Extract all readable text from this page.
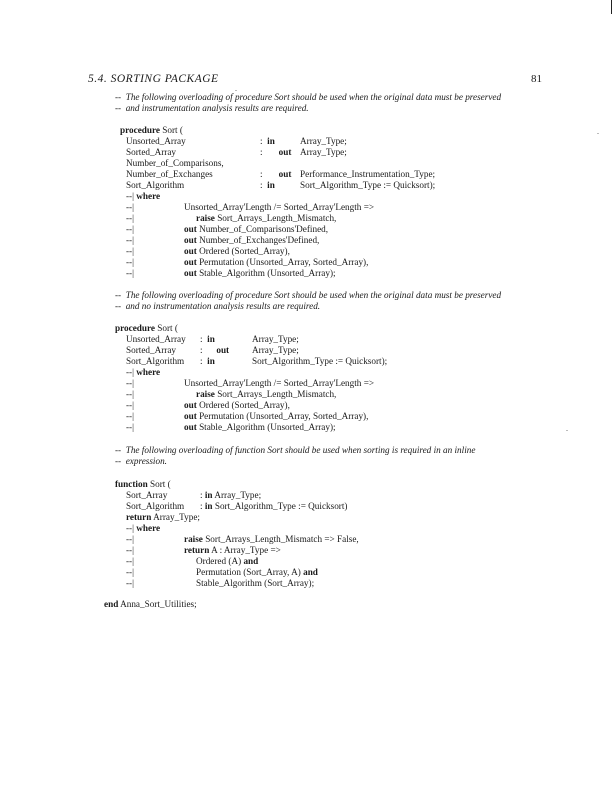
5.4. SORTING PACKAGE	81
--  The following overloading of procedure Sort should be used when the original data must be preserved
--  and instrumentation analysis results are required.
procedure Sort (
Unsorted_Array	:  in	Array_Type;
Sorted_Array	:       out Array_Type;
Number_of_Comparisons,
Number_of_Exchanges	:       out Performance_Instrumentation_Type;
Sort_Algorithm	:  in	Sort_Algorithm_Type := Quicksort);
--| where
--|	Unsorted_Array'Length /= Sorted_Array'Length =>
--|	raise Sort_Arrays_Length_Mismatch,
--|	out Number_of_Comparisons'Defined,
--|	out Number_of_Exchanges'Defined,
--|	out Ordered (Sorted_Array),
--|	out Permutation (Unsorted_Array, Sorted_Array),
--|	out Stable_Algorithm (Unsorted_Array);
--  The following overloading of procedure Sort should be used when the original data must be preserved
--  and no instrumentation analysis results are required.
procedure Sort (
Unsorted_Array :  in	Array_Type;
Sorted_Array	:      out Array_Type;
Sort_Algorithm :  in	Sort_Algorithm_Type := Quicksort);
--| where
--|	Unsorted_Array'Length /= Sorted_Array'Length =>
--|	raise Sort_Arrays_Length_Mismatch,
--|	out Ordered (Sorted_Array),
--|	out Permutation (Unsorted_Array, Sorted_Array),
--|	out Stable_Algorithm (Unsorted_Array);
--  The following overloading of function Sort should be used when sorting is required in an inline
--  expression.
function Sort (
Sort_Array	: in Array_Type;
Sort_Algorithm : in Sort_Algorithm_Type := Quicksort)
return Array_Type;
--| where
--|	raise Sort_Arrays_Length_Mismatch => False,
--|	return A : Array_Type =>
--|	Ordered (A) and
--|	Permutation (Sort_Array, A) and
--|	Stable_Algorithm (Sort_Array);
end Anna_Sort_Utilities;
